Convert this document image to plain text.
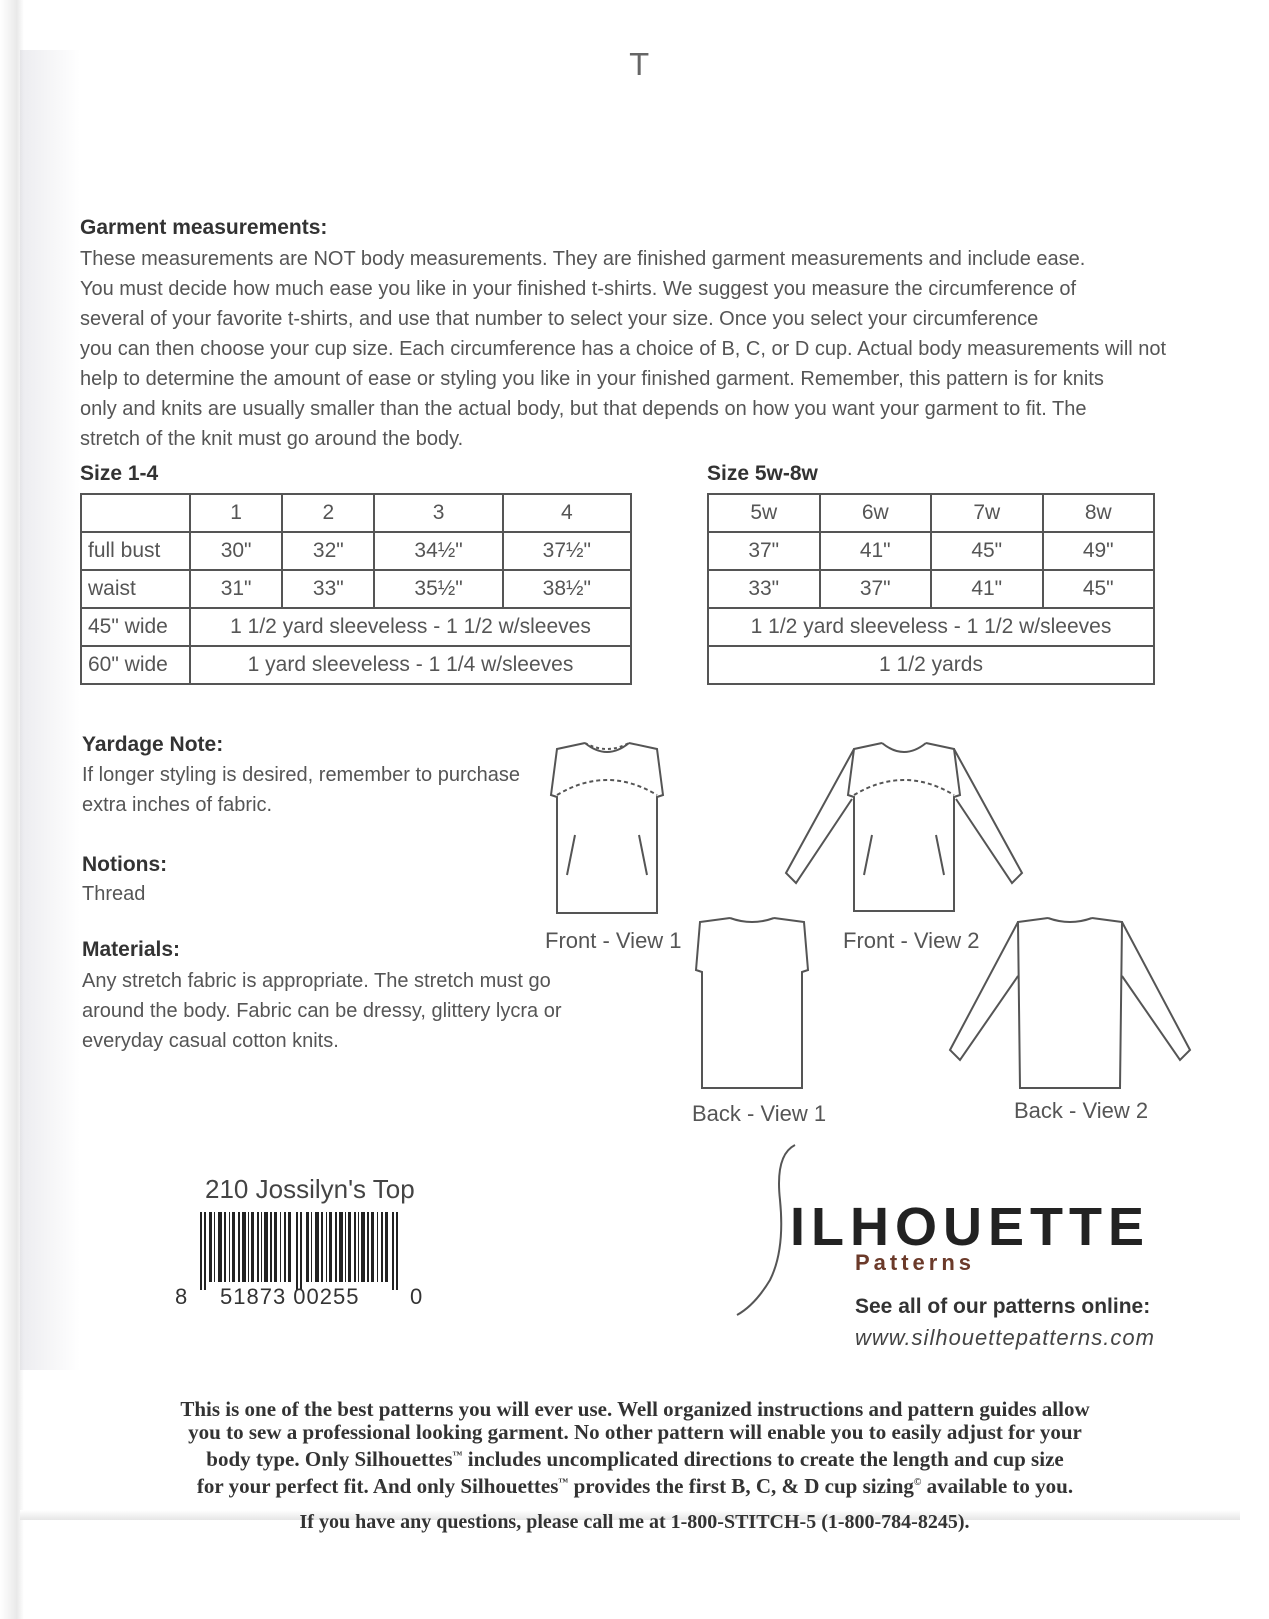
T
Garment measurements:

These measurements are NOT body measurements. They are finished garment measurements and include ease.

You must decide how much ease you like in your finished t-shirts. We suggest you measure the circumference of

several of your favorite t-shirts, and use that number to select your size. Once you select your circumference

you can then choose your cup size. Each circumference has a choice of B, C, or D cup. Actual body measurements will not

help to determine the amount of ease or styling you like in your finished garment. Remember, this pattern is for knits

only and knits are usually smaller than the actual body, but that depends on how you want your garment to fit. The

stretch of the knit must go around the body.

Size 1-4
	1	2	3	4
full bust	30"	32"	34½"	37½"
waist	31"	33"	35½"	38½"
45" wide	1 1/2 yard sleeveless - 1 1/2 w/sleeves			
60" wide	1 yard sleeveless - 1 1/4 w/sleeves			
Size 5w-8w
5w	6w	7w	8w
37"	41"	45"	49"
33"	37"	41"	45"
1 1/2 yard sleeveless - 1 1/2 w/sleeves			
1 1/2 yards			
Yardage Note:

If longer styling is desired, remember to purchase

extra inches of fabric.

Notions:

Thread

Materials:

Any stretch fabric is appropriate. The stretch must go

around the body. Fabric can be dressy, glittery lycra or

everyday casual cotton knits.

Front - View 1	Front - View 2
Back - View 1	Back - View 2
210 Jossilyn's Top
8 51873 00255 0
ILHOUETTE
Patterns
See all of our patterns online:
www.silhouettepatterns.com

This is one of the best patterns you will ever use. Well organized instructions and pattern guides allow

you to sew a professional looking garment. No other pattern will enable you to easily adjust for your

body type. Only Silhouettes™ includes uncomplicated directions to create the length and cup size

for your perfect fit. And only Silhouettes™ provides the first B, C, & D cup sizing© available to you.

If you have any questions, please call me at 1-800-STITCH-5 (1-800-784-8245).
